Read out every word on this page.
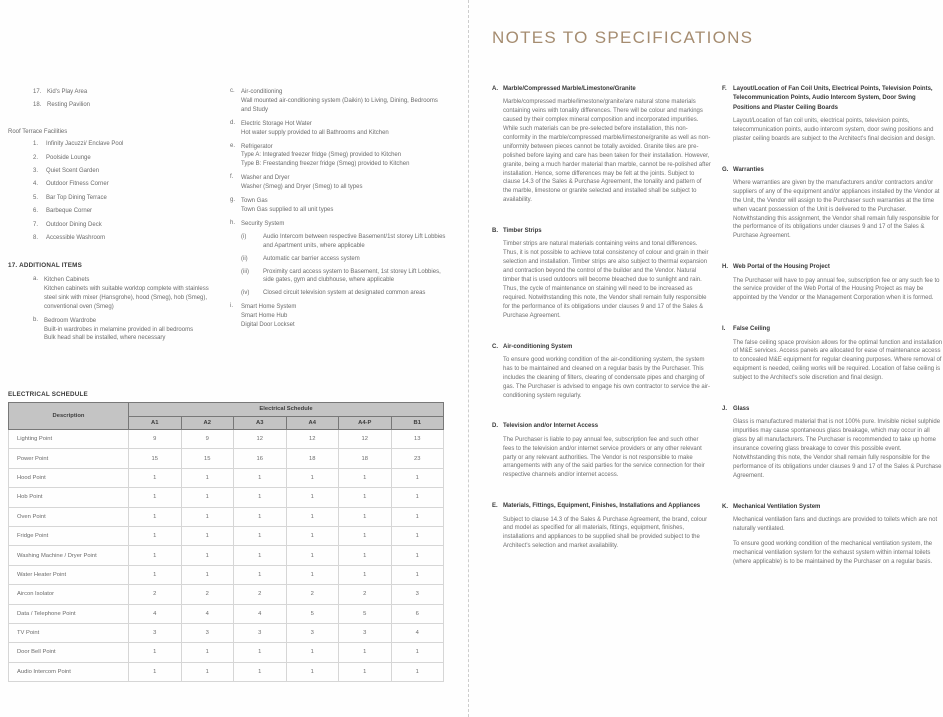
17. Kid's Play Area
18. Resting Pavilion
Roof Terrace Facilities
1.	Infinity Jacuzzi/ Enclave Pool
2.	Poolside Lounge
3.	Quiet Scent Garden
4.	Outdoor Fitness Corner
5.	Bar Top Dining Terrace
6.	Barbeque Corner
7.	Outdoor Dining Deck
8.	Accessible Washroom
17. ADDITIONAL ITEMS
a. Kitchen Cabinets
Kitchen cabinets with suitable worktop complete with stainless steel sink with mixer (Hansgrohe), hood (Smeg), hob (Smeg), conventional oven (Smeg)
b. Bedroom Wardrobe
Built-in wardrobes in melamine provided in all bedrooms
Bulk head shall be installed, where necessary
c.	Air-conditioning
Wall mounted air-conditioning system (Daikin) to Living, Dining, Bedrooms and Study
d. Electric Storage Hot Water
Hot water supply provided to all Bathrooms and Kitchen
e. Refrigerator
Type A: Integrated freezer fridge (Smeg) provided to Kitchen
Type B: Freestanding freezer fridge (Smeg) provided to Kitchen
f.	Washer and Dryer
Washer (Smeg) and Dryer (Smeg) to all types
g. Town Gas
Town Gas supplied to all unit types
h. Security System
(i)	Audio Intercom between respective Basement/1st storey Lift Lobbies and Apartment units, where applicable
(ii)	Automatic car barrier access system
(iii)	Proximity card access system to Basement, 1st storey Lift Lobbies, side gates, gym and clubhouse, where applicable
(iv)	Closed circuit television system at designated common areas
i.	Smart Home System
Smart Home Hub
Digital Door Lockset
ELECTRICAL SCHEDULE
Description	Electrical Schedule					
	A1	A2	A3	A4	A4-P	B1
Lighting Point	9	9	12	12	12	13
Power Point	15	15	16	18	18	23
Hood Point	1	1	1	1	1	1
Hob Point	1	1	1	1	1	1
Oven Point	1	1	1	1	1	1
Fridge Point	1	1	1	1	1	1
Washing Machine / Dryer Point	1	1	1	1	1	1
Water Heater Point	1	1	1	1	1	1
Aircon Isolator	2	2	2	2	2	3
Data / Telephone Point	4	4	4	5	5	6
TV Point	3	3	3	3	3	4
Door Bell Point	1	1	1	1	1	1
Audio Intercom Point	1	1	1	1	1	1
NOTES TO SPECIFICATIONS
A. Marble/Compressed Marble/Limestone/Granite

Marble/compressed marble/limestone/granite/are natural stone materials containing veins with tonality differences. There will be colour and markings caused by their complex mineral composition and incorporated impurities. While such materials can be pre-selected before installation, this non-conformity in the marble/compressed marble/limestone/granite as well as non-uniformity between pieces cannot be totally avoided. Granite tiles are pre-polished before laying and care has been taken for their installation. However, granite, being a much harder material than marble, cannot be re-polished after installation. Hence, some differences may be felt at the joints. Subject to clause 14.3 of the Sales & Purchase Agreement, the tonality and pattern of the marble, limestone or granite selected and installed shall be subject to availability.

B. Timber Strips

Timber strips are natural materials containing veins and tonal differences. Thus, it is not possible to achieve total consistency of colour and grain in their selection and installation. Timber strips are also subject to thermal expansion and contraction beyond the control of the builder and the Vendor. Natural timber that is used outdoors will become bleached due to sunlight and rain. Thus, the cycle of maintenance on staining will need to be increased as required. Notwithstanding this note, the Vendor shall remain fully responsible for the performance of its obligations under clauses 9 and 17 of the Sales & Purchase Agreement.

C. Air-conditioning System

To ensure good working condition of the air-conditioning system, the system has to be maintained and cleaned on a regular basis by the Purchaser. This includes the cleaning of filters, clearing of condensate pipes and charging of gas. The Purchaser is advised to engage his own contractor to service the air-conditioning system regularly.

D. Television and/or Internet Access

The Purchaser is liable to pay annual fee, subscription fee and such other fees to the television and/or internet service providers or any other relevant party or any relevant authorities. The Vendor is not responsible to make arrangements with any of the said parties for the service connection for their respective channels and/or internet access.

E. Materials, Fittings, Equipment, Finishes, Installations and Appliances

Subject to clause 14.3 of the Sales & Purchase Agreement, the brand, colour and model as specified for all materials, fittings, equipment, finishes, installations and appliances to be supplied shall be provided subject to the Architect's selection and market availability.

F.	Layout/Location of Fan Coil Units, Electrical Points, Television Points, Telecommunication Points, Audio Intercom System, Door Swing Positions and Plaster Ceiling Boards

Layout/Location of fan coil units, electrical points, television points, telecommunication points, audio intercom system, door swing positions and plaster ceiling boards are subject to the Architect's final decision and design.

G. Warranties

Where warranties are given by the manufacturers and/or contractors and/or suppliers of any of the equipment and/or appliances installed by the Vendor at the Unit, the Vendor will assign to the Purchaser such warranties at the time when vacant possession of the Unit is delivered to the Purchaser. Notwithstanding this assignment, the Vendor shall remain fully responsible for the performance of its obligations under clauses 9 and 17 of the Sales & Purchase Agreement.

H. Web Portal of the Housing Project

The Purchaser will have to pay annual fee, subscription fee or any such fee to the service provider of the Web Portal of the Housing Project as may be appointed by the Vendor or the Management Corporation when it is formed.

I.	False Ceiling

The false ceiling space provision allows for the optimal function and installation of M&E services. Access panels are allocated for ease of maintenance access to concealed M&E equipment for regular cleaning purposes. Where removal of equipment is needed, ceiling works will be required. Location of false ceiling is subject to the Architect's sole discretion and final design.

J. Glass

Glass is manufactured material that is not 100% pure. Invisible nickel sulphide impurities may cause spontaneous glass breakage, which may occur in all glass by all manufacturers. The Purchaser is recommended to take up home insurance covering glass breakage to cover this possible event. Notwithstanding this note, the Vendor shall remain fully responsible for the performance of its obligations under clauses 9 and 17 of the Sales & Purchase Agreement.

K. Mechanical Ventilation System

Mechanical ventilation fans and ductings are provided to toilets which are not naturally ventilated.

To ensure good working condition of the mechanical ventilation system, the mechanical ventilation system for the exhaust system within internal toilets (where applicable) is to be maintained by the Purchaser on a regular basis.
